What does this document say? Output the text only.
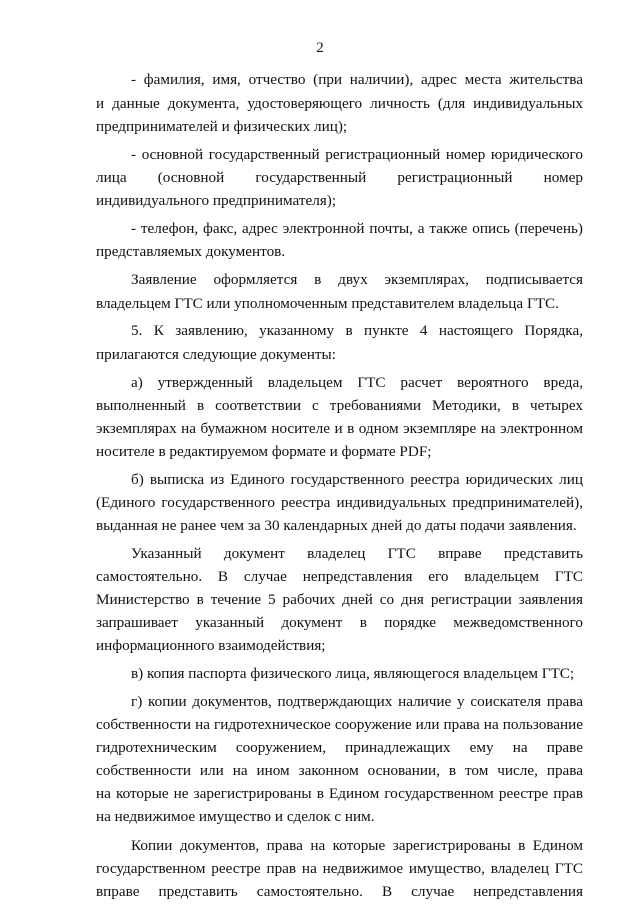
2
- фамилия, имя, отчество (при наличии), адрес места жительства
и данные документа, удостоверяющего личность (для индивидуальных
предпринимателей и физических лиц);
- основной государственный регистрационный номер юридического
лица (основной государственный регистрационный номер
индивидуального предпринимателя);
- телефон, факс, адрес электронной почты, а также опись (перечень)
представляемых документов.
Заявление оформляется в двух экземплярах, подписывается
владельцем ГТС или уполномоченным представителем владельца ГТС.
5. К заявлению, указанному в пункте 4 настоящего Порядка,
прилагаются следующие документы:
а) утвержденный владельцем ГТС расчет вероятного вреда,
выполненный в соответствии с требованиями Методики, в четырех
экземплярах на бумажном носителе и в одном экземпляре на электронном
носителе в редактируемом формате и формате PDF;
б) выписка из Единого государственного реестра юридических лиц
(Единого государственного реестра индивидуальных предпринимателей),
выданная не ранее чем за 30 календарных дней до даты подачи заявления.
Указанный документ владелец ГТС вправе представить
самостоятельно. В случае непредставления его владельцем ГТС
Министерство в течение 5 рабочих дней со дня регистрации заявления
запрашивает указанный документ в порядке межведомственного
информационного взаимодействия;
в) копия паспорта физического лица, являющегося владельцем ГТС;
г) копии документов, подтверждающих наличие у соискателя права
собственности на гидротехническое сооружение или права на пользование
гидротехническим сооружением, принадлежащих ему на праве
собственности или на ином законном основании, в том числе, права
на которые не зарегистрированы в Едином государственном реестре прав
на недвижимое имущество и сделок с ним.
Копии документов, права на которые зарегистрированы в Едином
государственном реестре прав на недвижимое имущество, владелец ГТС
вправе представить самостоятельно. В случае непредставления
